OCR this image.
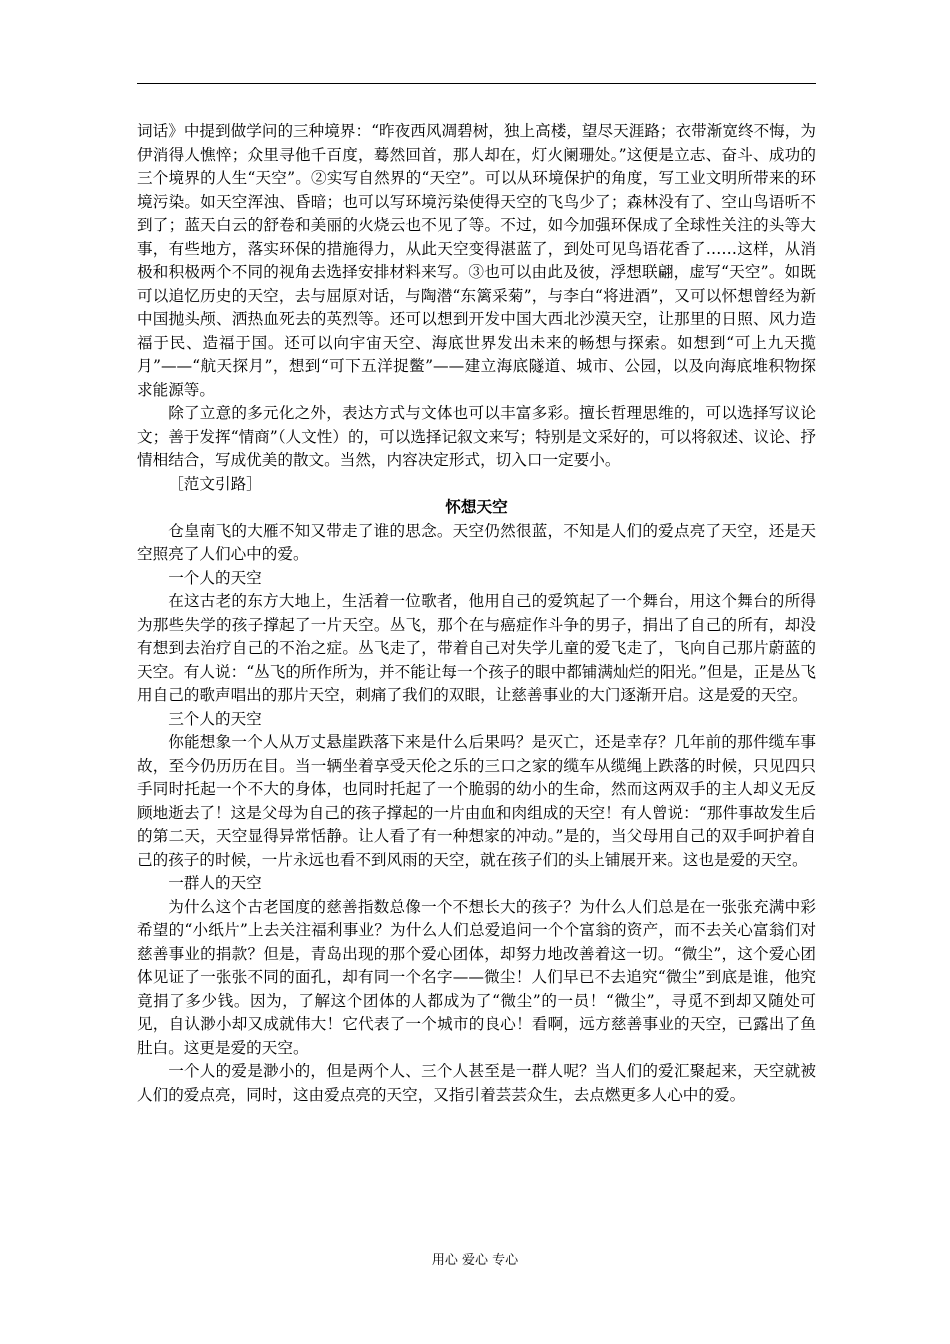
词话》中提到做学问的三种境界：“昨夜西风凋碧树，独上高楼，望尽天涯路；衣带渐宽终不悔，为伊消得人憔悴；众里寻他千百度，蓦然回首，那人却在，灯火阑珊处。”这便是立志、奋斗、成功的三个境界的人生“天空”。②实写自然界的“天空”。可以从环境保护的角度，写工业文明所带来的环境污染。如天空浑浊、昏暗；也可以写环境污染使得天空的飞鸟少了；森林没有了、空山鸟语听不到了；蓝天白云的舒卷和美丽的火烧云也不见了等。不过，如今加强环保成了全球性关注的头等大事，有些地方，落实环保的措施得力，从此天空变得湛蓝了，到处可见鸟语花香了……这样，从消极和积极两个不同的视角去选择安排材料来写。③也可以由此及彼，浮想联翩，虚写“天空”。如既可以追忆历史的天空，去与屈原对话，与陶潜“东篱采菊”，与李白“将进酒”，又可以怀想曾经为新中国抛头颅、洒热血死去的英烈等。还可以想到开发中国大西北沙漠天空，让那里的日照、风力造福于民、造福于国。还可以向宇宙天空、海底世界发出未来的畅想与探索。如想到“可上九天揽月”——“航天探月”，想到“可下五洋捉鳖”——建立海底隧道、城市、公园，以及向海底堆积物探求能源等。

除了立意的多元化之外，表达方式与文体也可以丰富多彩。擅长哲理思维的，可以选择写议论文；善于发挥“情商”（人文性）的，可以选择记叙文来写；特别是文采好的，可以将叙述、议论、抒情相结合，写成优美的散文。当然，内容决定形式，切入口一定要小。

［范文引路］

怀想天空

仓皇南飞的大雁不知又带走了谁的思念。天空仍然很蓝，不知是人们的爱点亮了天空，还是天空照亮了人们心中的爱。

一个人的天空

在这古老的东方大地上，生活着一位歌者，他用自己的爱筑起了一个舞台，用这个舞台的所得为那些失学的孩子撑起了一片天空。丛飞，那个在与癌症作斗争的男子，捐出了自己的所有，却没有想到去治疗自己的不治之症。丛飞走了，带着自己对失学儿童的爱飞走了，飞向自己那片蔚蓝的天空。有人说：“丛飞的所作所为，并不能让每一个孩子的眼中都铺满灿烂的阳光。”但是，正是丛飞用自己的歌声唱出的那片天空，刺痛了我们的双眼，让慈善事业的大门逐渐开启。这是爱的天空。

三个人的天空

你能想象一个人从万丈悬崖跌落下来是什么后果吗？是灭亡，还是幸存？几年前的那件缆车事故，至今仍历历在目。当一辆坐着享受天伦之乐的三口之家的缆车从缆绳上跌落的时候，只见四只手同时托起一个不大的身体，也同时托起了一个脆弱的幼小的生命，然而这两双手的主人却义无反顾地逝去了！这是父母为自己的孩子撑起的一片由血和肉组成的天空！有人曾说：“那件事故发生后的第二天，天空显得异常恬静。让人看了有一种想家的冲动。”是的，当父母用自己的双手呵护着自己的孩子的时候，一片永远也看不到风雨的天空，就在孩子们的头上铺展开来。这也是爱的天空。

一群人的天空

为什么这个古老国度的慈善指数总像一个不想长大的孩子？为什么人们总是在一张张充满中彩希望的“小纸片”上去关注福利事业？为什么人们总爱追问一个个富翁的资产，而不去关心富翁们对慈善事业的捐款？但是，青岛出现的那个爱心团体，却努力地改善着这一切。“微尘”，这个爱心团体见证了一张张不同的面孔，却有同一个名字——微尘！人们早已不去追究“微尘”到底是谁，他究竟捐了多少钱。因为，了解这个团体的人都成为了“微尘”的一员！“微尘”，寻觅不到却又随处可见，自认渺小却又成就伟大！它代表了一个城市的良心！看啊，远方慈善事业的天空，已露出了鱼肚白。这更是爱的天空。

一个人的爱是渺小的，但是两个人、三个人甚至是一群人呢？当人们的爱汇聚起来，天空就被人们的爱点亮，同时，这由爱点亮的天空，又指引着芸芸众生，去点燃更多人心中的爱。

用心 爱心 专心
